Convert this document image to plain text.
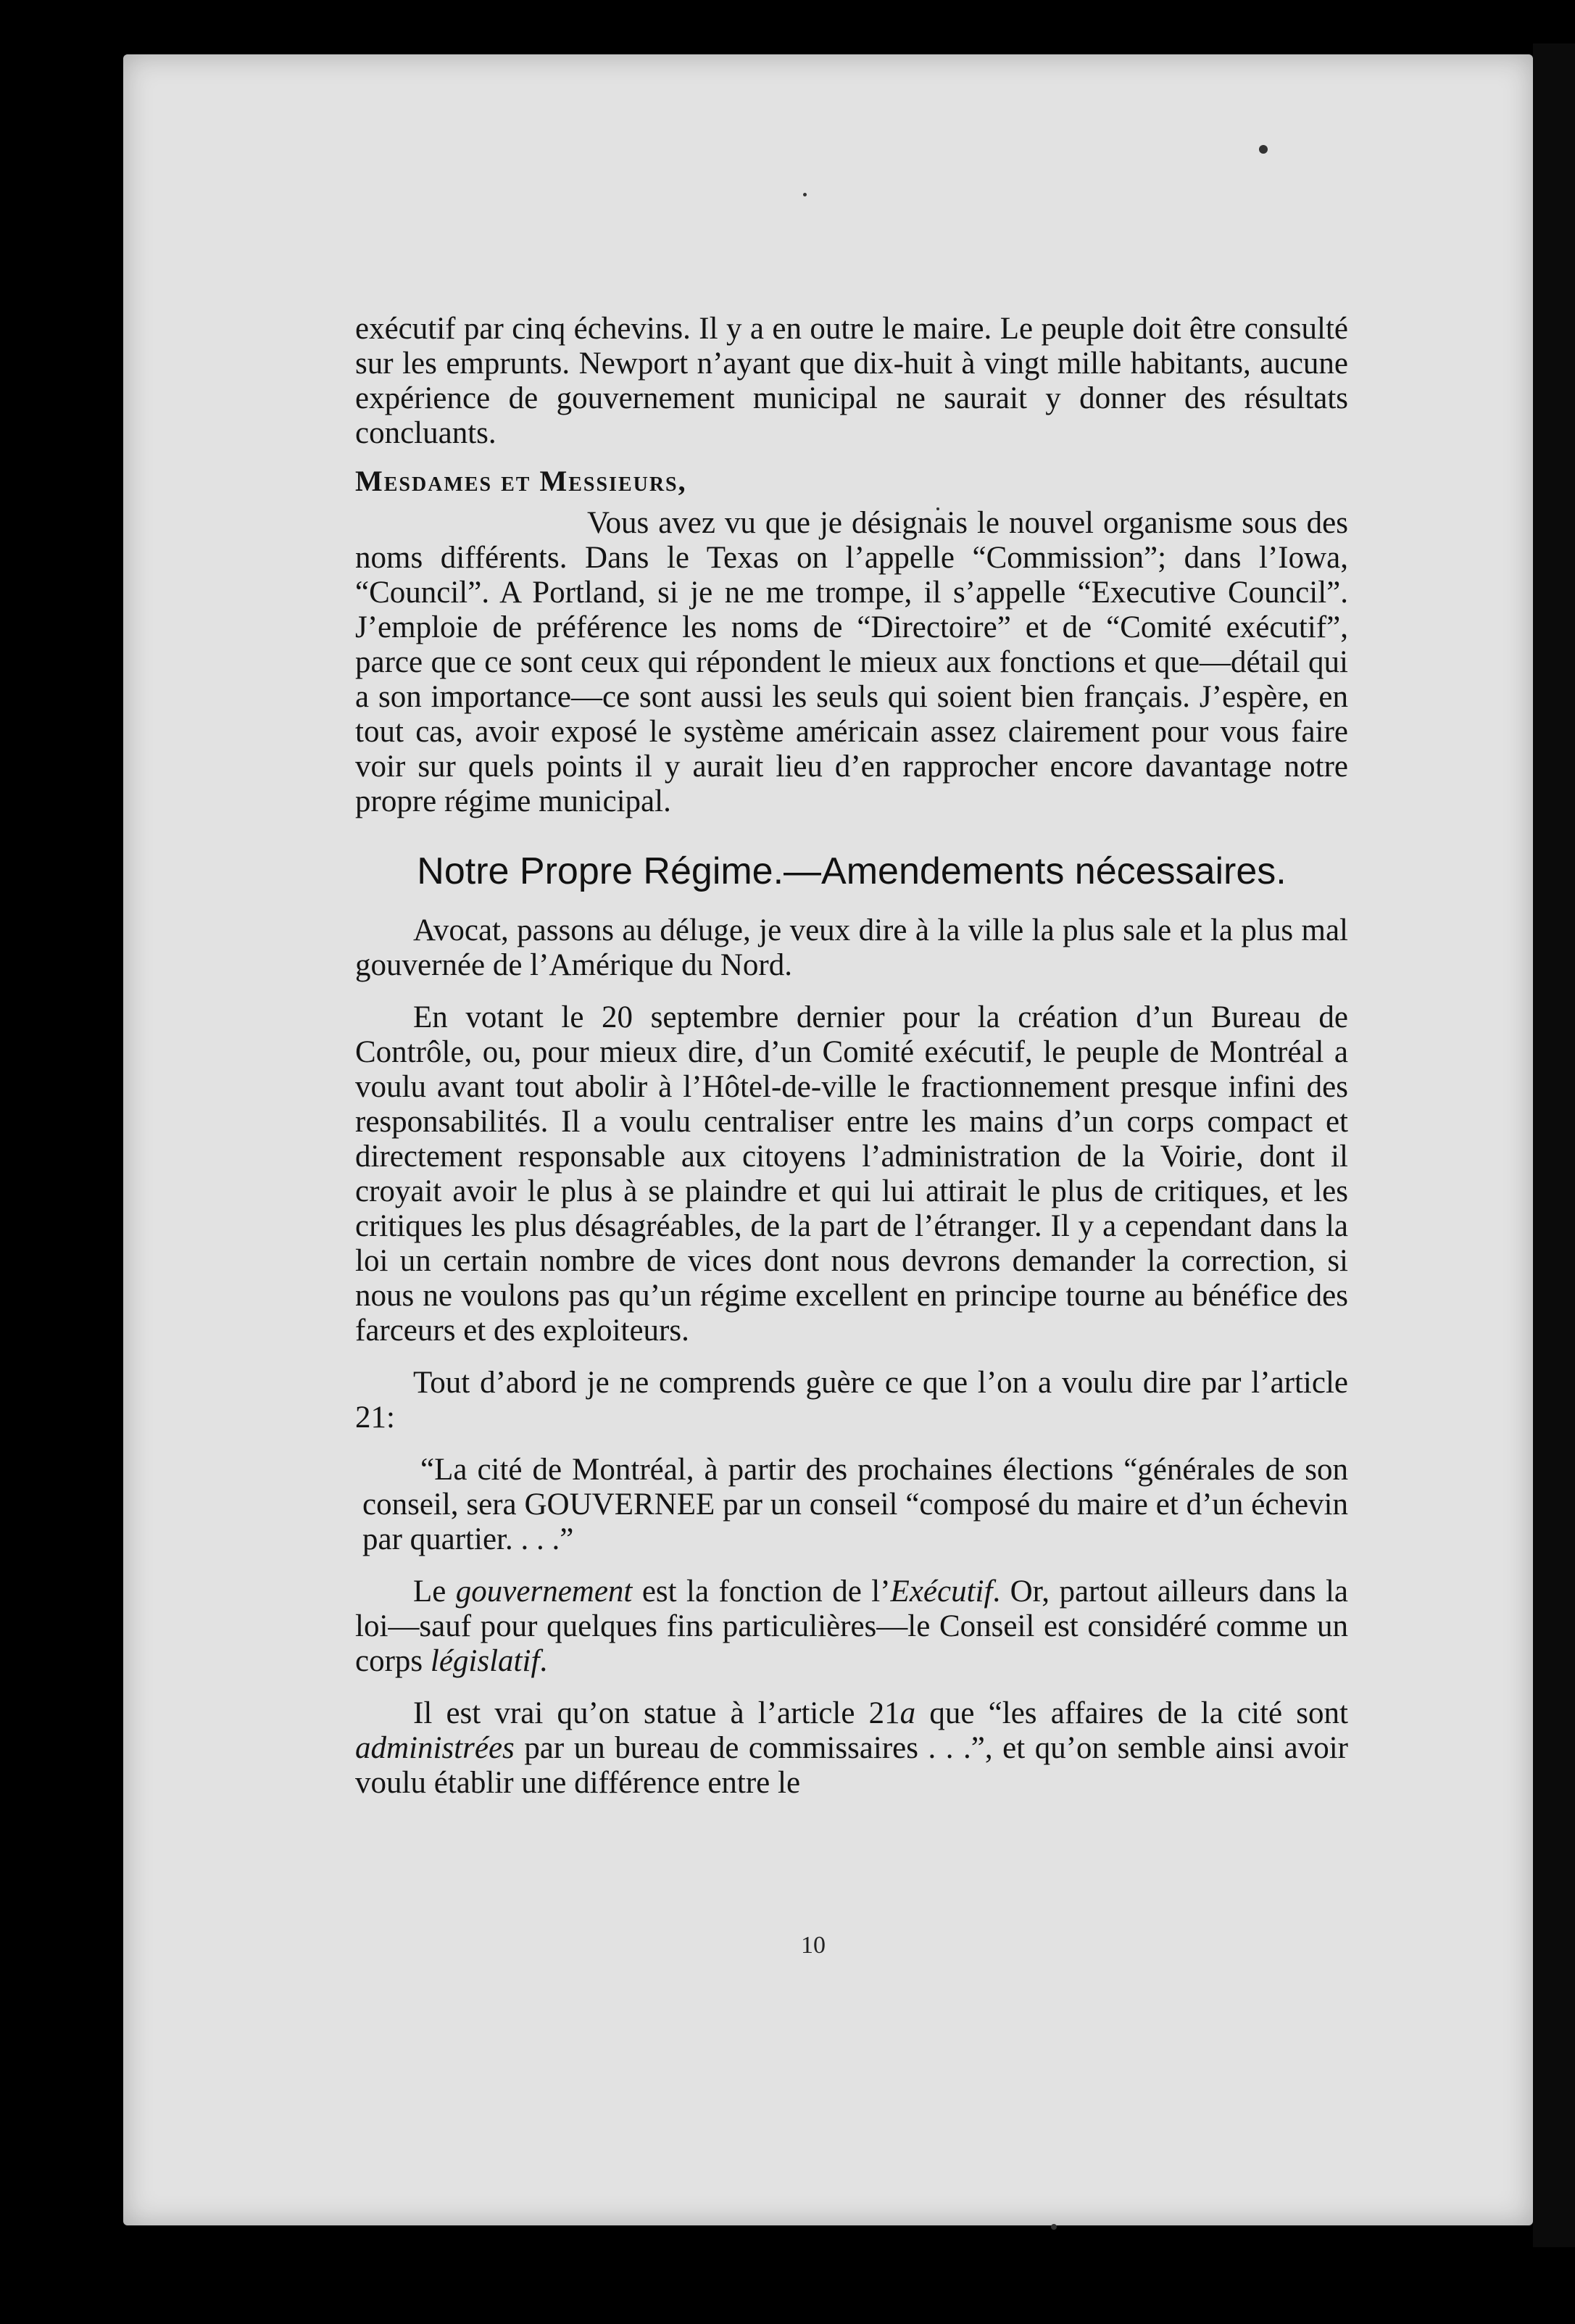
exécutif par cinq échevins. Il y a en outre le maire. Le peuple doit être consulté sur les emprunts. Newport n’ayant que dix-huit à vingt mille habitants, aucune expérience de gouvernement municipal ne saurait y donner des résultats concluants.

Mesdames et Messieurs,

Vous avez vu que je désignais le nouvel organisme sous des noms différents. Dans le Texas on l’appelle “Commission”; dans l’Iowa, “Council”. A Portland, si je ne me trompe, il s’appelle “Executive Council”. J’emploie de préférence les noms de “Directoire” et de “Comité exécutif”, parce que ce sont ceux qui répondent le mieux aux fonctions et que—détail qui a son importance—ce sont aussi les seuls qui soient bien français. J’espère, en tout cas, avoir exposé le système américain assez clairement pour vous faire voir sur quels points il y aurait lieu d’en rapprocher encore davantage notre propre régime municipal.

Notre Propre Régime.—Amendements nécessaires.

Avocat, passons au déluge, je veux dire à la ville la plus sale et la plus mal gouvernée de l’Amérique du Nord.

En votant le 20 septembre dernier pour la création d’un Bureau de Contrôle, ou, pour mieux dire, d’un Comité exécutif, le peuple de Montréal a voulu avant tout abolir à l’Hôtel-de-ville le fractionnement presque infini des responsabilités. Il a voulu centraliser entre les mains d’un corps compact et directement responsable aux citoyens l’administration de la Voirie, dont il croyait avoir le plus à se plaindre et qui lui attirait le plus de critiques, et les critiques les plus désagréables, de la part de l’étranger. Il y a cependant dans la loi un certain nombre de vices dont nous devrons demander la correction, si nous ne voulons pas qu’un régime excellent en principe tourne au bénéfice des farceurs et des exploiteurs.

Tout d’abord je ne comprends guère ce que l’on a voulu dire par l’article 21:

“La cité de Montréal, à partir des prochaines élections “générales de son conseil, sera GOUVERNEE par un conseil “composé du maire et d’un échevin par quartier. . . .”

Le gouvernement est la fonction de l’Exécutif. Or, partout ailleurs dans la loi—sauf pour quelques fins particulières—le Conseil est considéré comme un corps législatif.

Il est vrai qu’on statue à l’article 21a que “les affaires de la cité sont administrées par un bureau de commissaires . . .”, et qu’on semble ainsi avoir voulu établir une différence entre le

10
